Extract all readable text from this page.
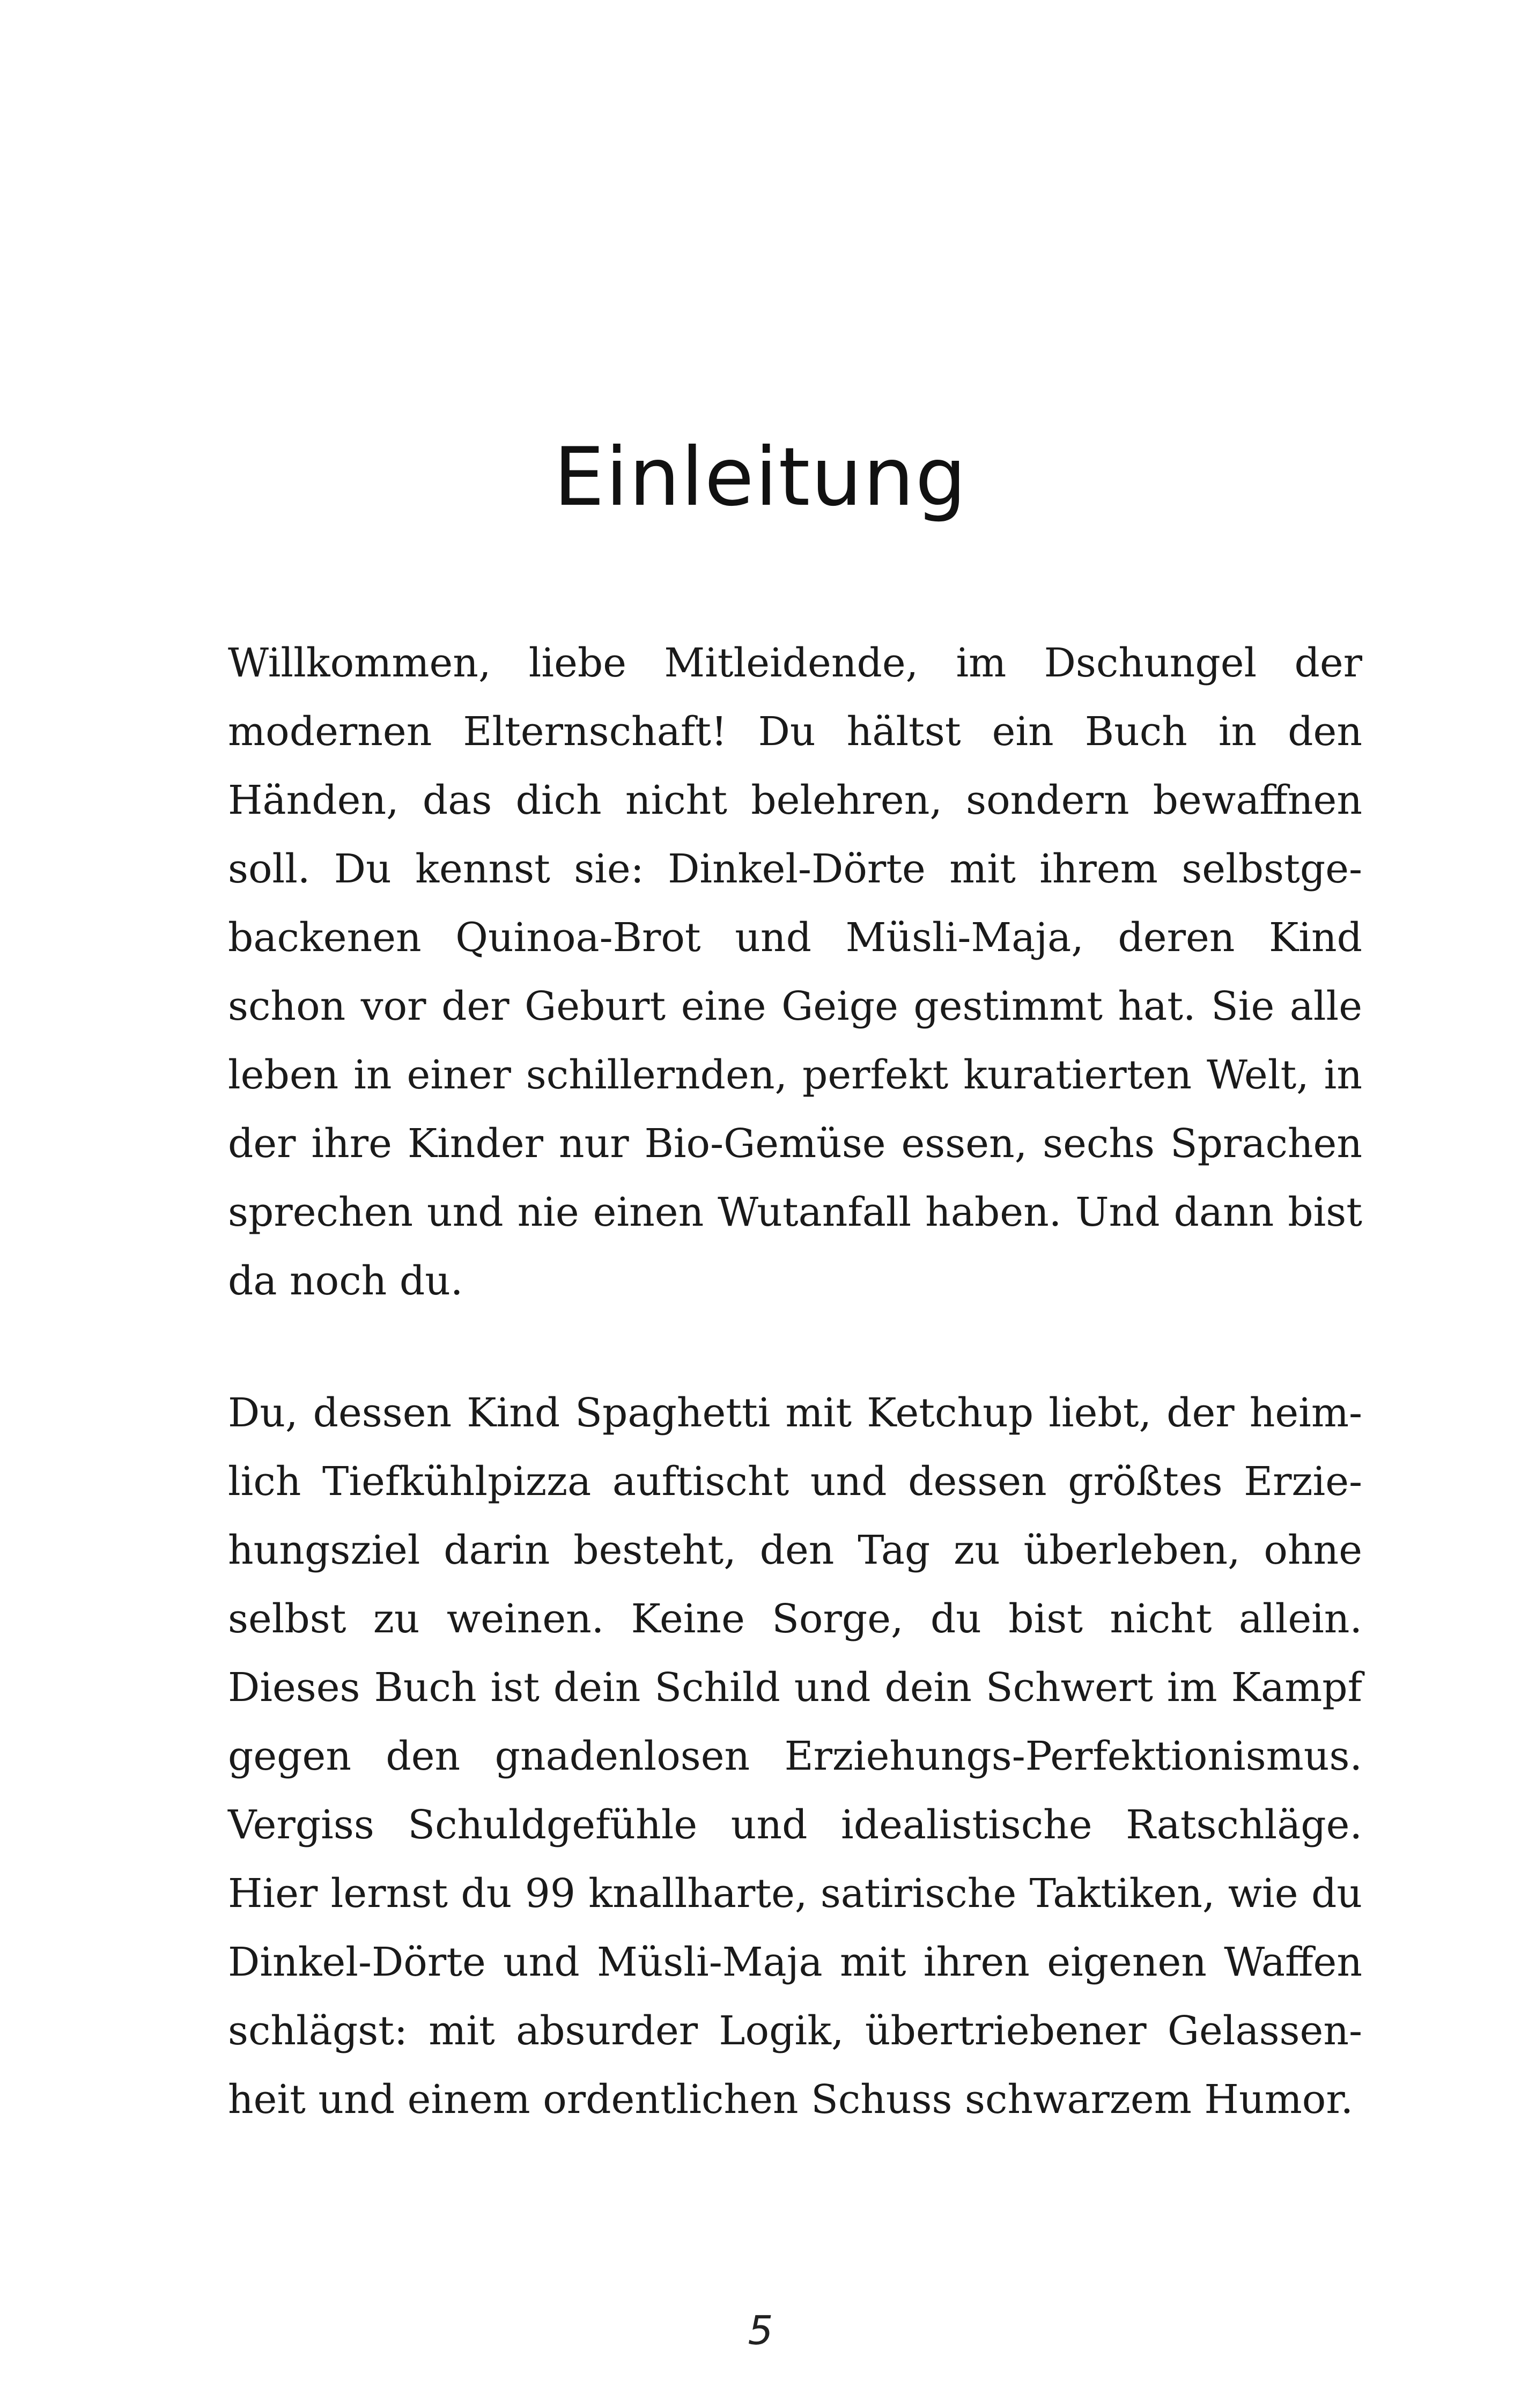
Einleitung
Willkommen, liebe Mitleidende, im Dschungel der
modernen Elternschaft! Du hältst ein Buch in den
Händen, das dich nicht belehren, sondern bewaffnen
soll. Du kennst sie: Dinkel-Dörte mit ihrem selbstge-
backenen Quinoa-Brot und Müsli-Maja, deren Kind
schon vor der Geburt eine Geige gestimmt hat. Sie alle
leben in einer schillernden, perfekt kuratierten Welt, in
der ihre Kinder nur Bio-Gemüse essen, sechs Sprachen
sprechen und nie einen Wutanfall haben. Und dann bist
da noch du.
Du, dessen Kind Spaghetti mit Ketchup liebt, der heim-
lich Tiefkühlpizza auftischt und dessen größtes Erzie-
hungsziel darin besteht, den Tag zu überleben, ohne
selbst zu weinen. Keine Sorge, du bist nicht allein.
Dieses Buch ist dein Schild und dein Schwert im Kampf
gegen den gnadenlosen Erziehungs-Perfektionismus.
Vergiss Schuldgefühle und idealistische Ratschläge.
Hier lernst du 99 knallharte, satirische Taktiken, wie du
Dinkel-Dörte und Müsli-Maja mit ihren eigenen Waffen
schlägst: mit absurder Logik, übertriebener Gelassen-
heit und einem ordentlichen Schuss schwarzem Humor.
5
